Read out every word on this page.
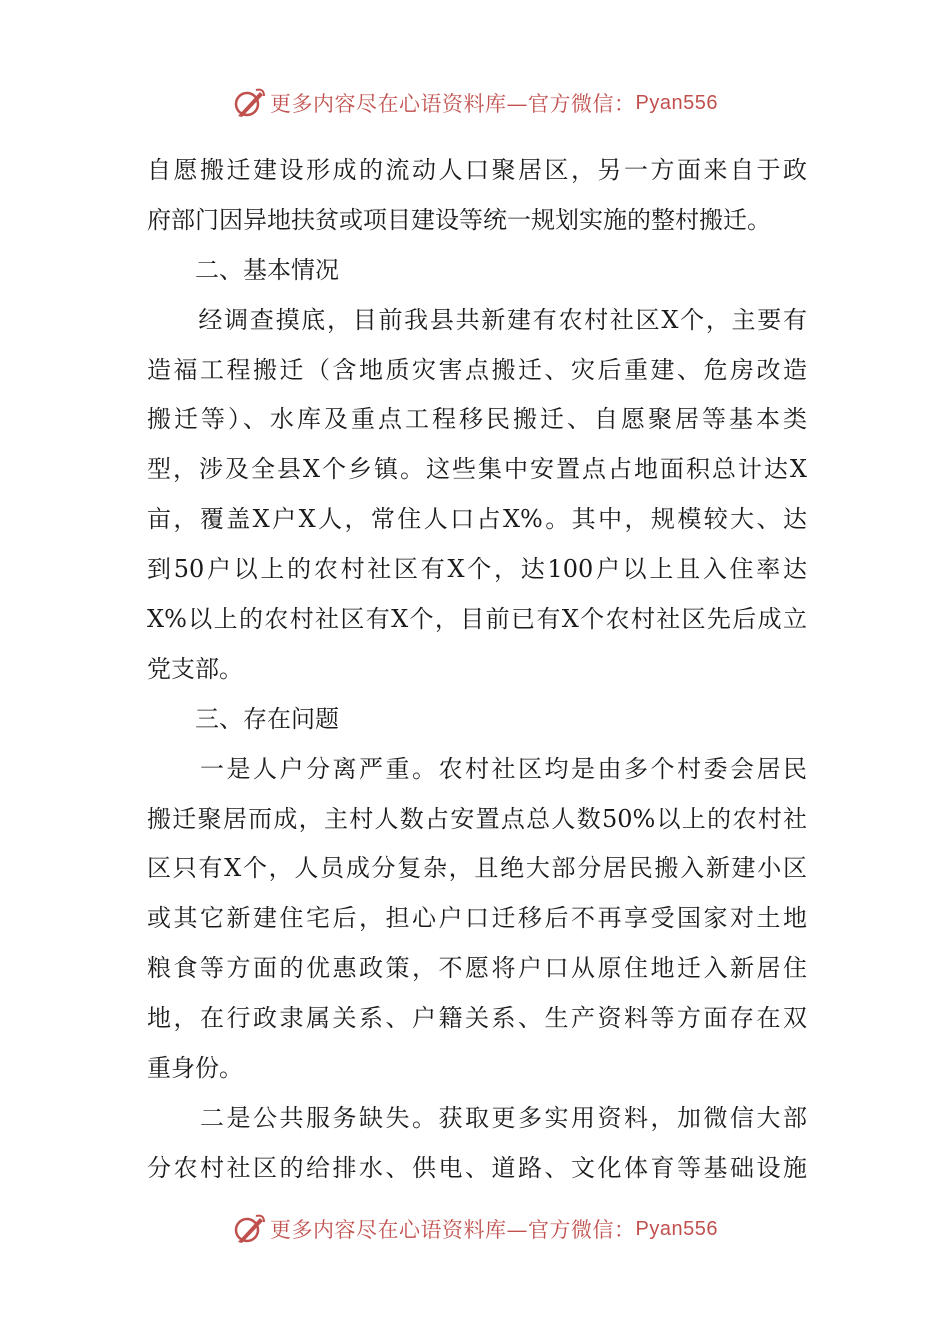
更多内容尽在心语资料库—官方微信： Pyan556
自愿搬迁建设形成的流动人口聚居区，另一方面来自于政
府部门因异地扶贫或项目建设等统一规划实施的整村搬迁。
二、基本情况
　　经调查摸底，目前我县共新建有农村社区X个，主要有
造福工程搬迁（含地质灾害点搬迁、灾后重建、危房改造
搬迁等）、水库及重点工程移民搬迁、自愿聚居等基本类
型，涉及全县X个乡镇。这些集中安置点占地面积总计达X
亩，覆盖X户X人，常住人口占X%。其中，规模较大、达
到50户以上的农村社区有X个，达100户以上且入住率达
X%以上的农村社区有X个，目前已有X个农村社区先后成立
党支部。
三、存在问题
　　一是人户分离严重。农村社区均是由多个村委会居民
搬迁聚居而成，主村人数占安置点总人数50%以上的农村社
区只有X个，人员成分复杂，且绝大部分居民搬入新建小区
或其它新建住宅后，担心户口迁移后不再享受国家对土地
粮食等方面的优惠政策，不愿将户口从原住地迁入新居住
地，在行政隶属关系、户籍关系、生产资料等方面存在双
重身份。
　　二是公共服务缺失。获取更多实用资料，加微信大部
分农村社区的给排水、供电、道路、文化体育等基础设施
更多内容尽在心语资料库—官方微信： Pyan556
